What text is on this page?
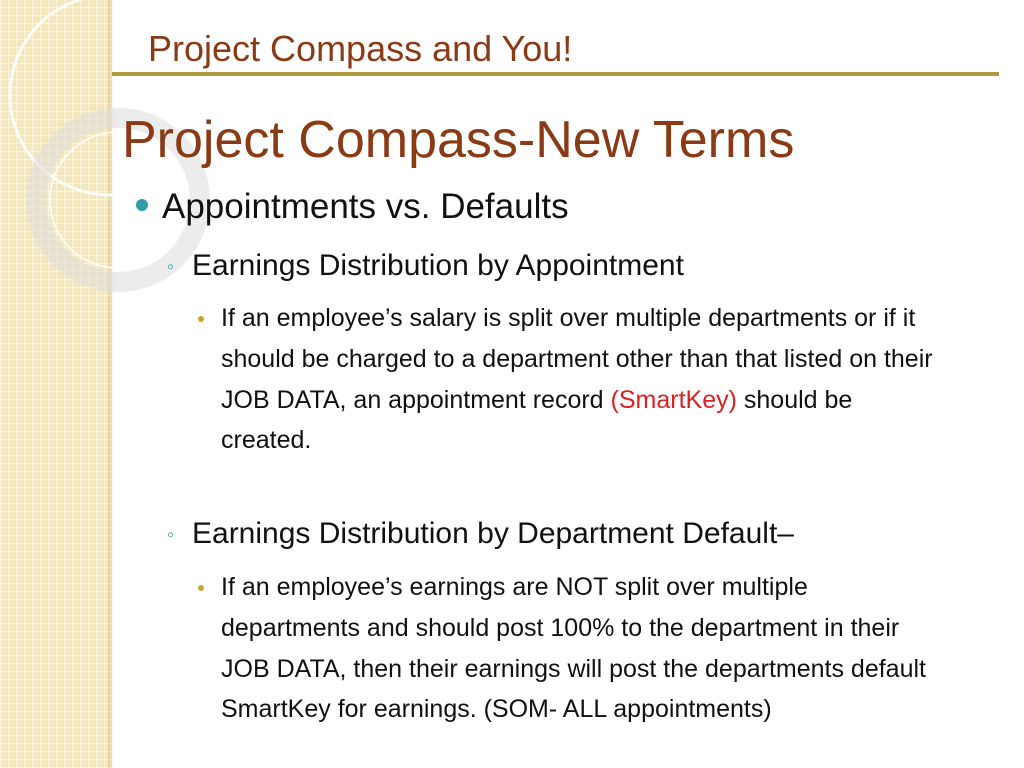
Project Compass and You!
Project Compass-New Terms
Appointments vs. Defaults
◦ Earnings Distribution by Appointment
If an employee’s salary is split over multiple departments or if it should be charged to a department other than that listed on their JOB DATA, an appointment record (SmartKey) should be created.
◦ Earnings Distribution by Department Default–
If an employee’s earnings are NOT split over multiple departments and should post 100% to the department in their JOB DATA, then their earnings will post the departments default SmartKey for earnings. (SOM- ALL appointments)
